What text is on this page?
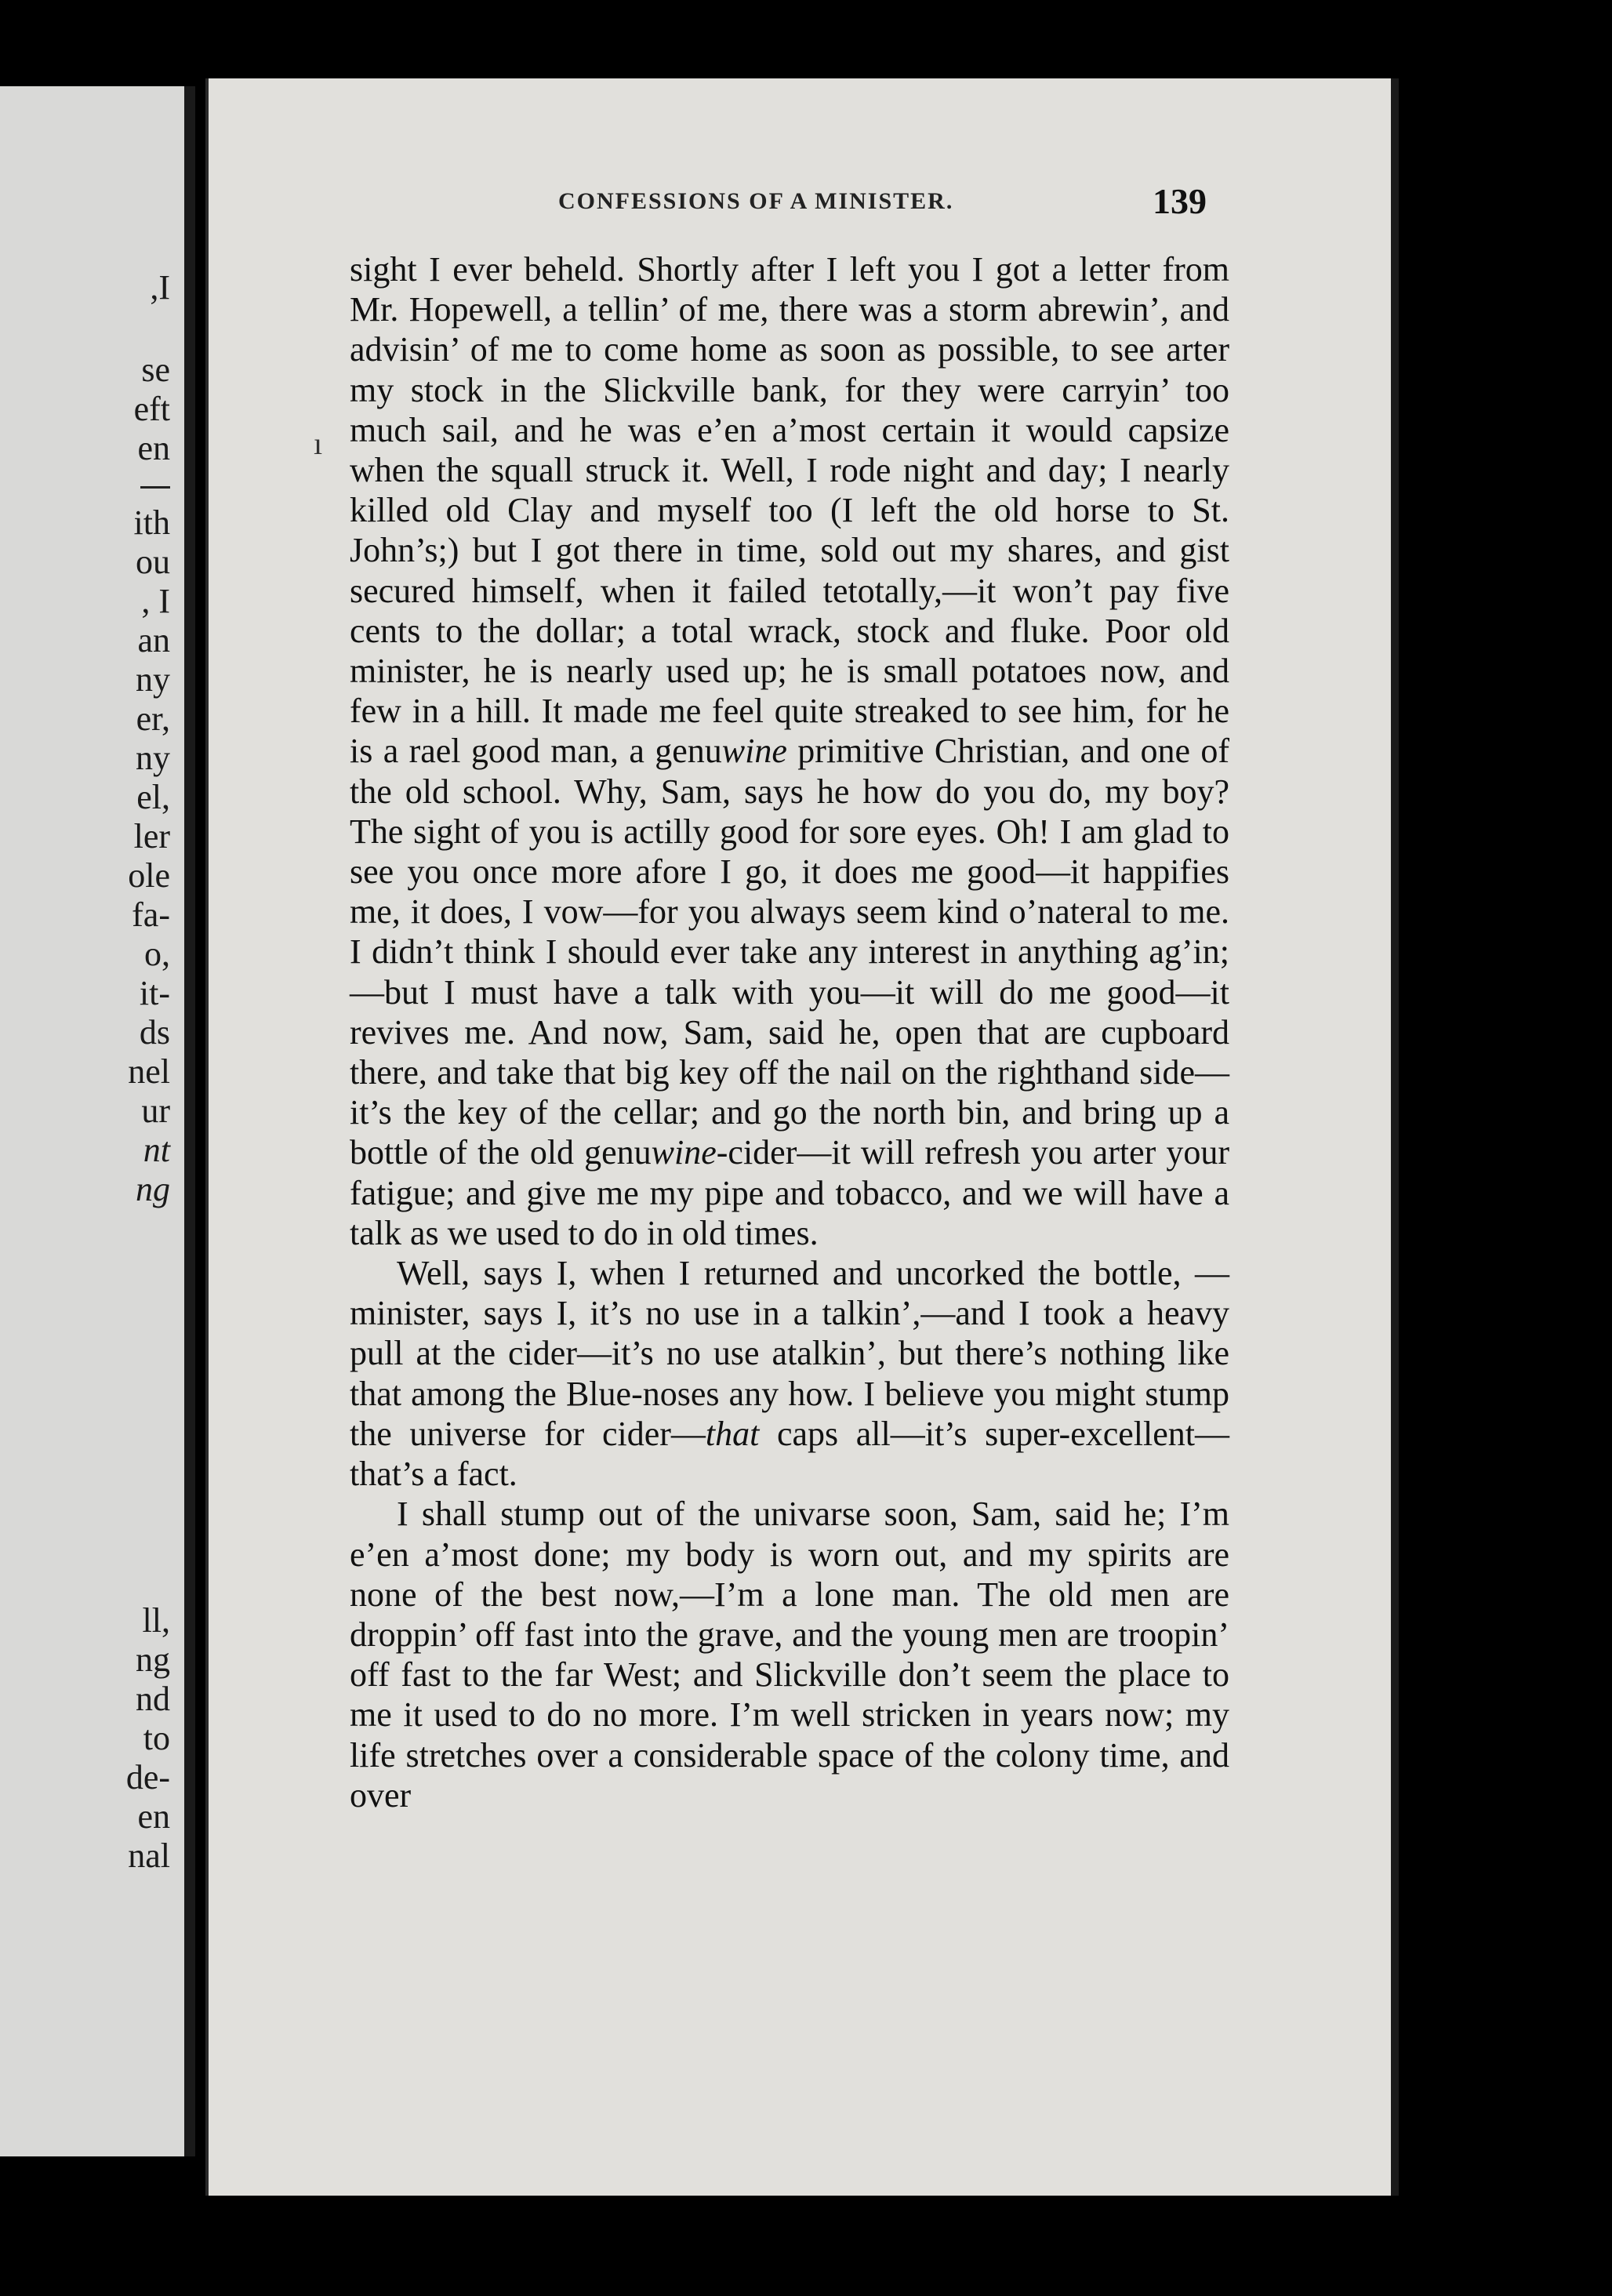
,I
se
eft
en
ith
ou
, I
an
ny
er,
ny
el,
ler
ole
fa-
o,
it-
ds
nel
ur
nt
ng
ll,
ng
nd
to
de-
en
nal
CONFESSIONS OF A MINISTER.	139
ı

sight I ever beheld. Shortly after I left you I got a letter from Mr. Hopewell, a tellin’ of me, there was a storm abrewin’, and advisin’ of me to come home as soon as possible, to see arter my stock in the Slickville bank, for they were carryin’ too much sail, and he was e’en a’most certain it would capsize when the squall struck it. Well, I rode night and day; I nearly killed old Clay and myself too (I left the old horse to St. John’s;) but I got there in time, sold out my shares, and gist secured himself, when it failed tetotally,—it won’t pay five cents to the dollar; a total wrack, stock and fluke. Poor old minister, he is nearly used up; he is small potatoes now, and few in a hill. It made me feel quite streaked to see him, for he is a rael good man, a genuwine primitive Christian, and one of the old school. Why, Sam, says he how do you do, my boy? The sight of you is actilly good for sore eyes. Oh! I am glad to see you once more afore I go, it does me good—it happifies me, it does, I vow—for you always seem kind o’nateral to me. I didn’t think I should ever take any interest in anything ag’in;—but I must have a talk with you—it will do me good—it revives me. And now, Sam, said he, open that are cupboard there, and take that big key off the nail on the righthand side—it’s the key of the cellar; and go the north bin, and bring up a bottle of the old genuwine-cider—it will refresh you arter your fatigue; and give me my pipe and tobacco, and we will have a talk as we used to do in old times.

Well, says I, when I returned and uncorked the bottle, —minister, says I, it’s no use in a talkin’,—and I took a heavy pull at the cider—it’s no use atalkin’, but there’s nothing like that among the Blue-noses any how. I believe you might stump the universe for cider—that caps all—it’s super-excellent—that’s a fact.

I shall stump out of the univarse soon, Sam, said he; I’m e’en a’most done; my body is worn out, and my spirits are none of the best now,—I’m a lone man. The old men are droppin’ off fast into the grave, and the young men are troopin’ off fast to the far West; and Slickville don’t seem the place to me it used to do no more. I’m well stricken in years now; my life stretches over a considerable space of the colony time, and over
